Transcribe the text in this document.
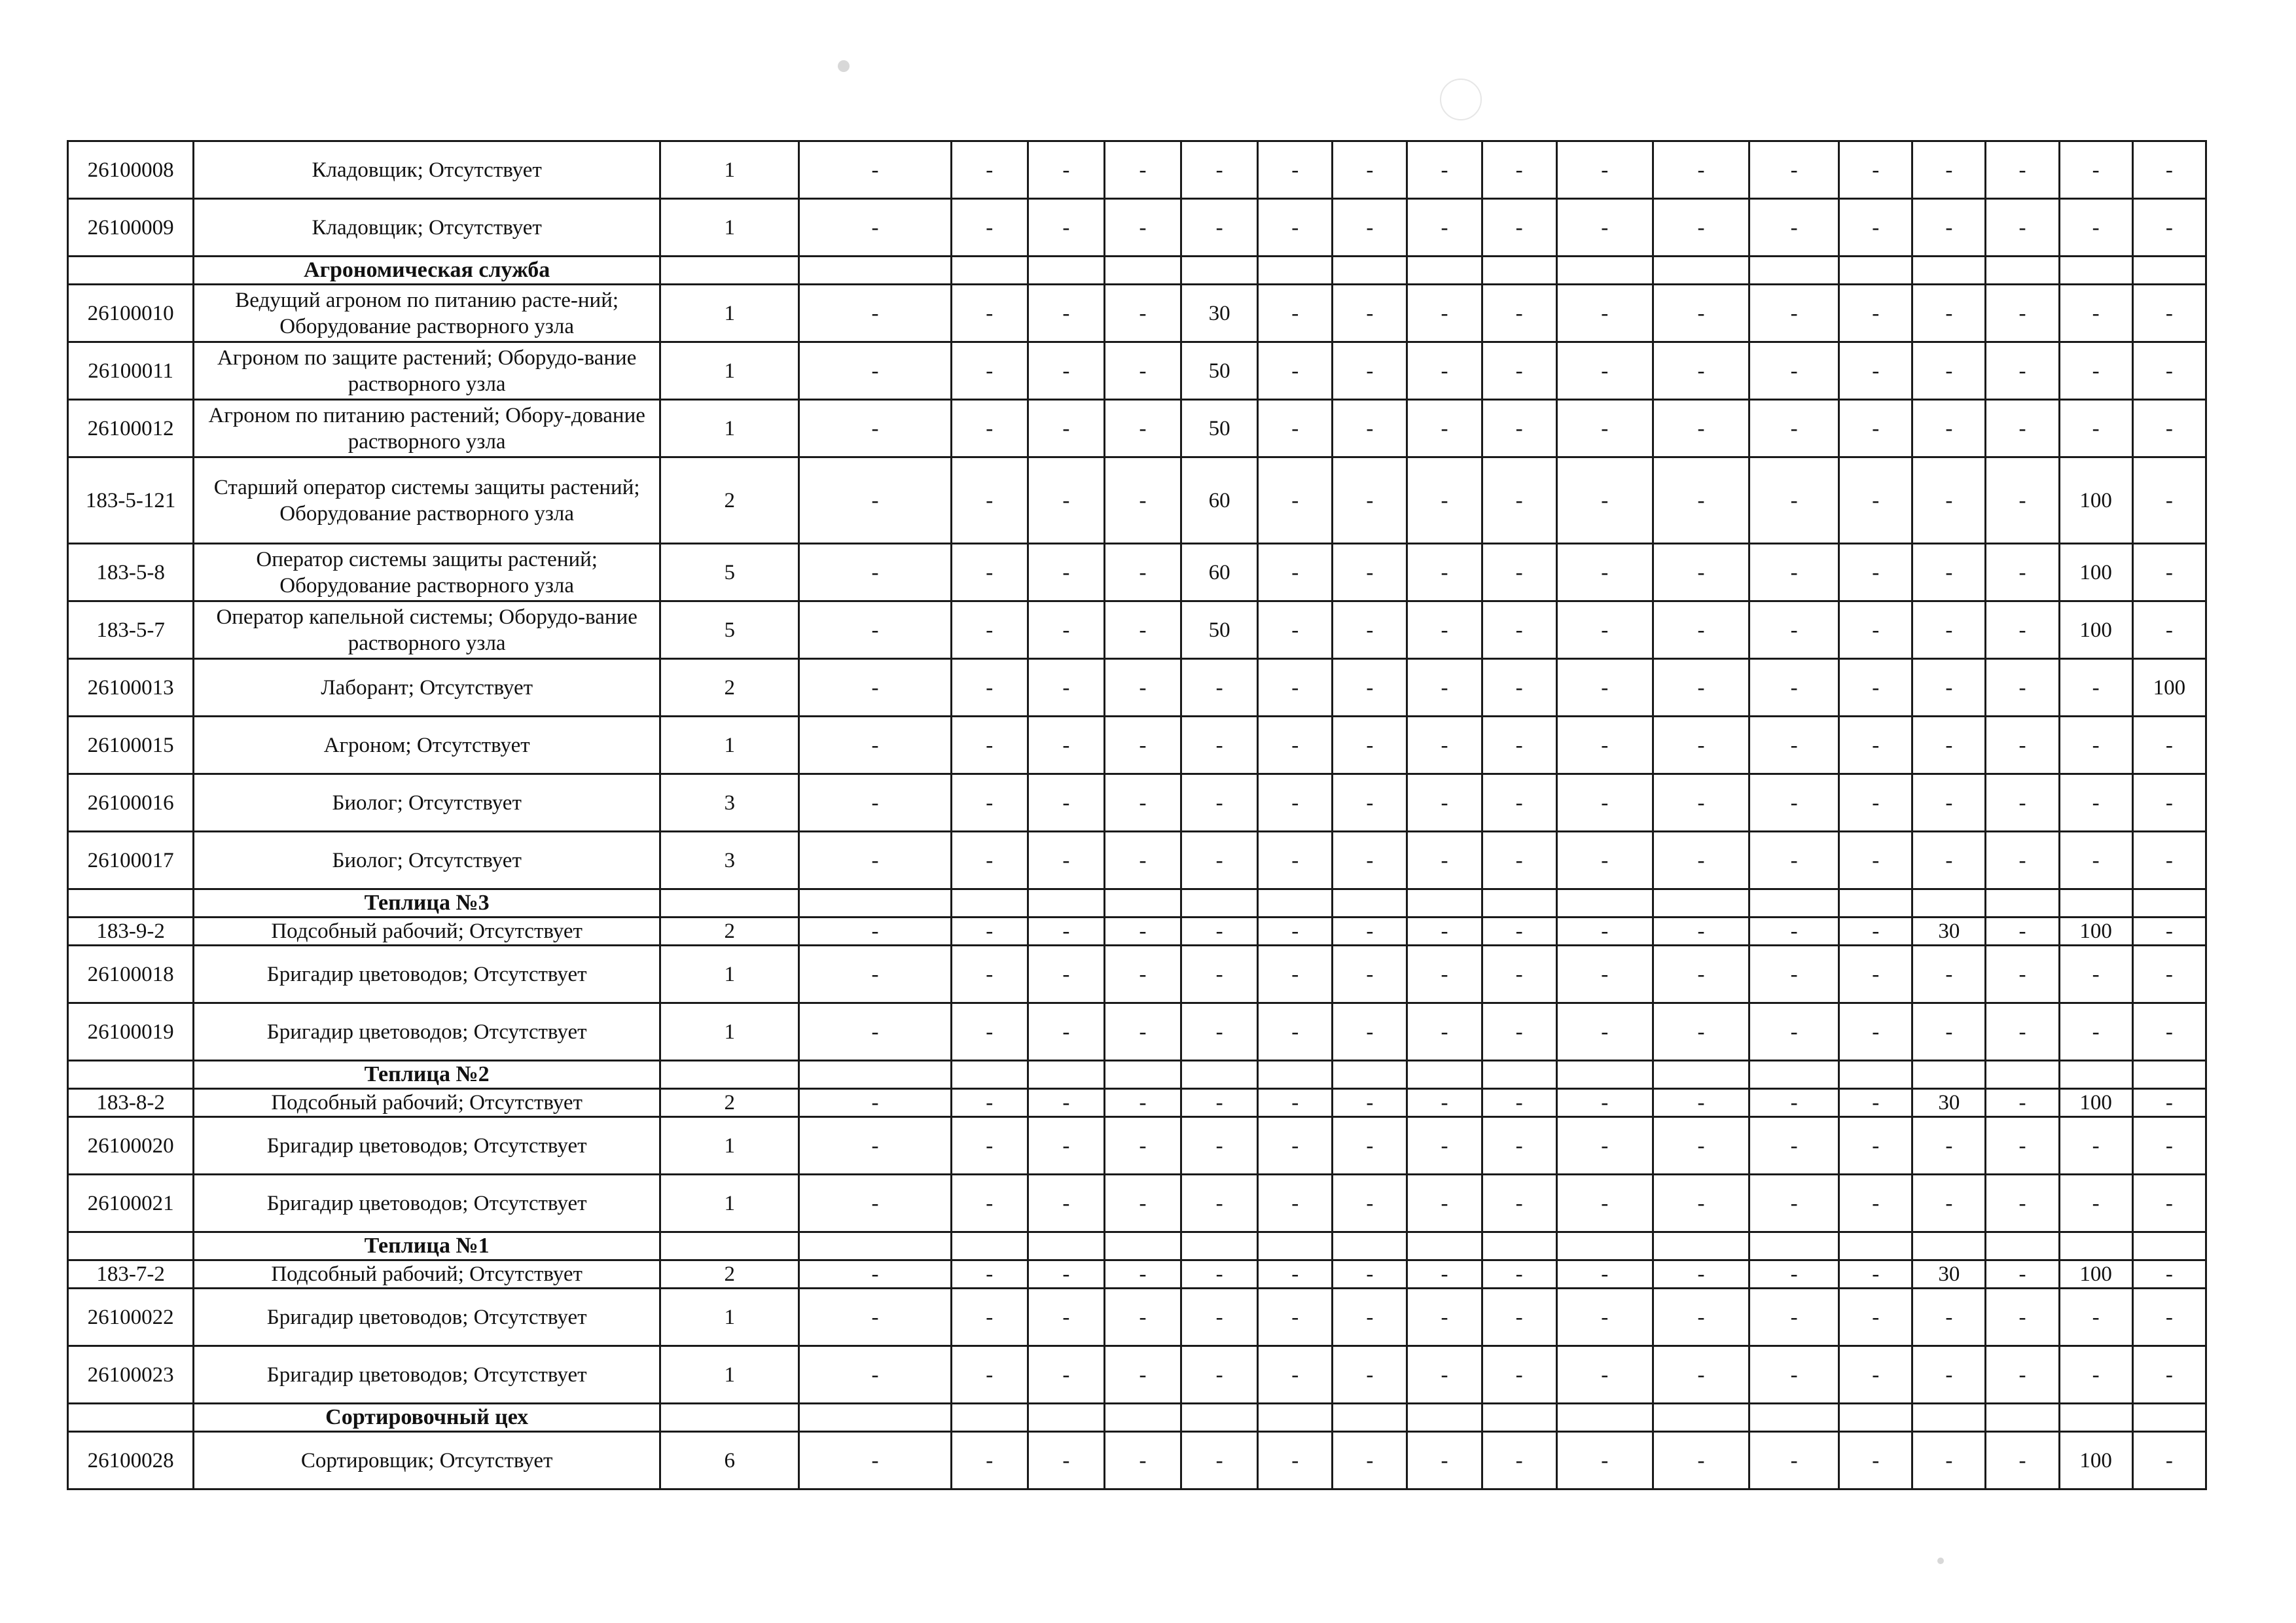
26100008	Кладовщик; Отсутствует	1	-	-	-	-	-	-	-	-	-	-	-	-	-	-	-	-	-
26100009	Кладовщик; Отсутствует	1	-	-	-	-	-	-	-	-	-	-	-	-	-	-	-	-	-
	Агрономическая служба																		
26100010	Ведущий агроном по питанию расте-ний; Оборудование растворного узла	1	-	-	-	-	30	-	-	-	-	-	-	-	-	-	-	-	-
26100011	Агроном по защите растений; Оборудо-вание растворного узла	1	-	-	-	-	50	-	-	-	-	-	-	-	-	-	-	-	-
26100012	Агроном по питанию растений; Обору-дование растворного узла	1	-	-	-	-	50	-	-	-	-	-	-	-	-	-	-	-	-
183-5-121	Старший оператор системы защиты растений; Оборудование растворного узла	2	-	-	-	-	60	-	-	-	-	-	-	-	-	-	-	100	-
183-5-8	Оператор системы защиты растений; Оборудование растворного узла	5	-	-	-	-	60	-	-	-	-	-	-	-	-	-	-	100	-
183-5-7	Оператор капельной системы; Оборудо-вание растворного узла	5	-	-	-	-	50	-	-	-	-	-	-	-	-	-	-	100	-
26100013	Лаборант; Отсутствует	2	-	-	-	-	-	-	-	-	-	-	-	-	-	-	-	-	100
26100015	Агроном; Отсутствует	1	-	-	-	-	-	-	-	-	-	-	-	-	-	-	-	-	-
26100016	Биолог; Отсутствует	3	-	-	-	-	-	-	-	-	-	-	-	-	-	-	-	-	-
26100017	Биолог; Отсутствует	3	-	-	-	-	-	-	-	-	-	-	-	-	-	-	-	-	-
	Теплица №3																		
183-9-2	Подсобный рабочий; Отсутствует	2	-	-	-	-	-	-	-	-	-	-	-	-	-	30	-	100	-
26100018	Бригадир цветоводов; Отсутствует	1	-	-	-	-	-	-	-	-	-	-	-	-	-	-	-	-	-
26100019	Бригадир цветоводов; Отсутствует	1	-	-	-	-	-	-	-	-	-	-	-	-	-	-	-	-	-
	Теплица №2																		
183-8-2	Подсобный рабочий; Отсутствует	2	-	-	-	-	-	-	-	-	-	-	-	-	-	30	-	100	-
26100020	Бригадир цветоводов; Отсутствует	1	-	-	-	-	-	-	-	-	-	-	-	-	-	-	-	-	-
26100021	Бригадир цветоводов; Отсутствует	1	-	-	-	-	-	-	-	-	-	-	-	-	-	-	-	-	-
	Теплица №1																		
183-7-2	Подсобный рабочий; Отсутствует	2	-	-	-	-	-	-	-	-	-	-	-	-	-	30	-	100	-
26100022	Бригадир цветоводов; Отсутствует	1	-	-	-	-	-	-	-	-	-	-	-	-	-	-	-	-	-
26100023	Бригадир цветоводов; Отсутствует	1	-	-	-	-	-	-	-	-	-	-	-	-	-	-	-	-	-
	Сортировочный цех																		
26100028	Сортировщик; Отсутствует	6	-	-	-	-	-	-	-	-	-	-	-	-	-	-	-	100	-
